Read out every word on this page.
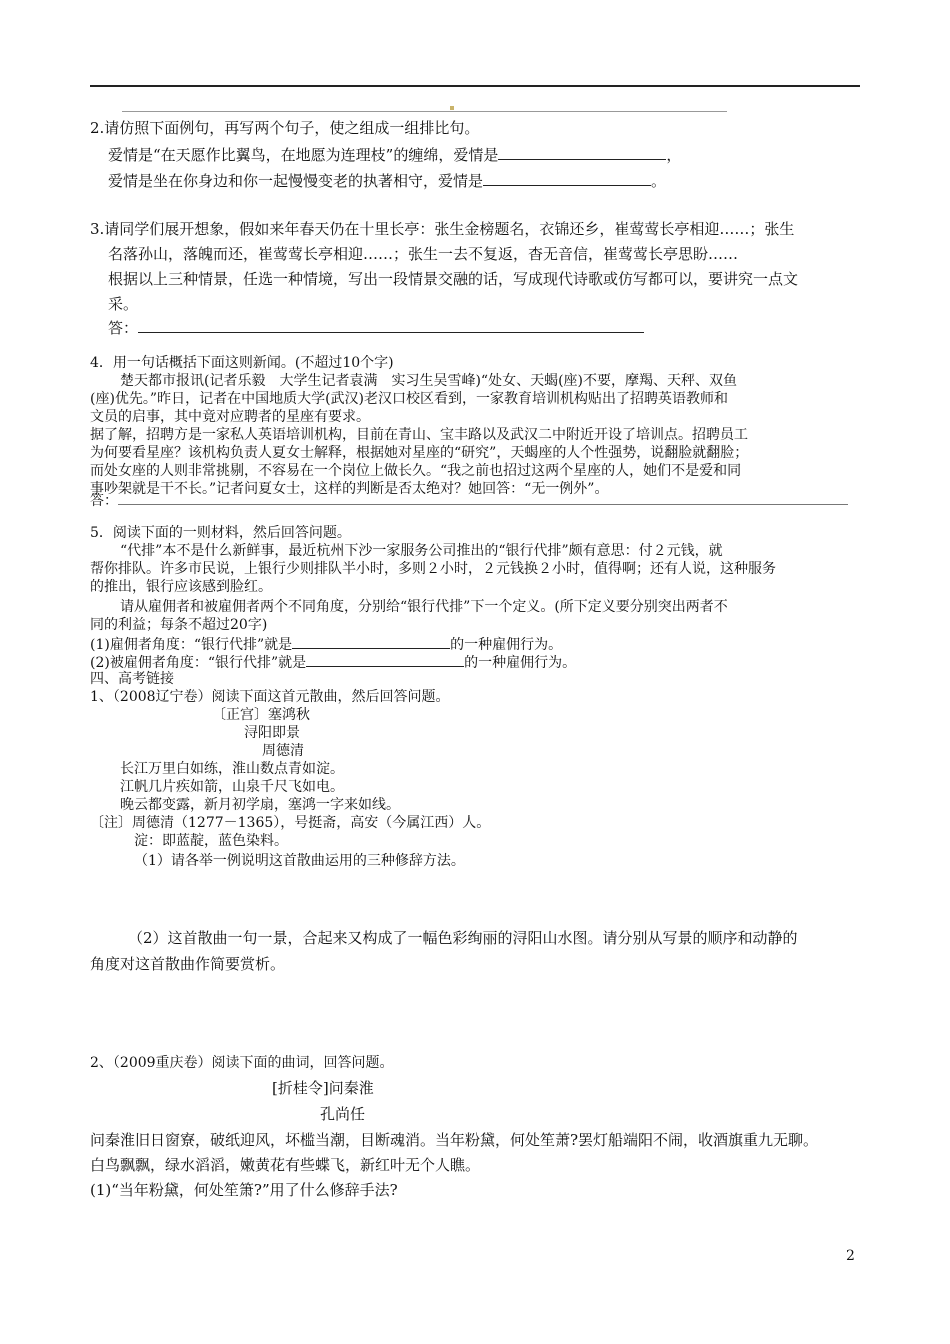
2.请仿照下面例句，再写两个句子，使之组成一组排比句。
爱情是“在天愿作比翼鸟，在地愿为连理枝”的缠绵，爱情是	，
爱情是坐在你身边和你一起慢慢变老的执著相守，爱情是	。
3.请同学们展开想象，假如来年春天仍在十里长亭：张生金榜题名，衣锦还乡，崔莺莺长亭相迎……；张生
名落孙山，落魄而还，崔莺莺长亭相迎……；张生一去不复返，杳无音信，崔莺莺长亭思盼……
根据以上三种情景，任选一种情境，写出一段情景交融的话，写成现代诗歌或仿写都可以，要讲究一点文
采。
答：
4．用一句话概括下面这则新闻。(不超过10个字)
楚天都市报讯(记者乐毅　大学生记者袁满　实习生吴雪峰)“处女、天蝎(座)不要，摩羯、天秤、双鱼
(座)优先。”昨日，记者在中国地质大学(武汉)老汉口校区看到，一家教育培训机构贴出了招聘英语教师和
文员的启事，其中竟对应聘者的星座有要求。
据了解，招聘方是一家私人英语培训机构，目前在青山、宝丰路以及武汉二中附近开设了培训点。招聘员工
为何要看星座？该机构负责人夏女士解释，根据她对星座的“研究”，天蝎座的人个性强势，说翻脸就翻脸；
而处女座的人则非常挑剔，不容易在一个岗位上做长久。“我之前也招过这两个星座的人，她们不是爱和同
事吵架就是干不长。”记者问夏女士，这样的判断是否太绝对？她回答：“无一例外”。
答：
5．阅读下面的一则材料，然后回答问题。
“代排”本不是什么新鲜事，最近杭州下沙一家服务公司推出的“银行代排”颇有意思：付２元钱，就
帮你排队。许多市民说，上银行少则排队半小时，多则２小时，２元钱换２小时，值得啊；还有人说，这种服务
的推出，银行应该感到脸红。
请从雇佣者和被雇佣者两个不同角度，分别给“银行代排”下一个定义。(所下定义要分别突出两者不
同的利益；每条不超过20字)
(1)雇佣者角度：“银行代排”就是	的一种雇佣行为。
(2)被雇佣者角度：“银行代排”就是	的一种雇佣行为。
四、高考链接
1、（2008辽宁卷）阅读下面这首元散曲，然后回答问题。
〔正宫〕塞鸿秋
浔阳即景
周德清
长江万里白如练，淮山数点青如淀。
江帆几片疾如箭，山泉千尺飞如电。
晚云都变露，新月初学扇，塞鸿一字来如线。
〔注〕周德清（1277－1365），号挺斋，高安（今属江西）人。
淀：即蓝靛，蓝色染料。
（1）请各举一例说明这首散曲运用的三种修辞方法。
（2）这首散曲一句一景，合起来又构成了一幅色彩绚丽的浔阳山水图。请分别从写景的顺序和动静的
角度对这首散曲作简要赏析。
2、（2009重庆卷）阅读下面的曲词，回答问题。
[折桂令]问秦淮
孔尚任
问秦淮旧日窗寮，破纸迎风，坏槛当潮，目断魂消。当年粉黛，何处笙萧?罢灯船端阳不闹，收酒旗重九无聊。
白鸟飘飘，绿水滔滔，嫩黄花有些蝶飞，新红叶无个人瞧。
(1)“当年粉黛，何处笙箫?”用了什么修辞手法?
2
